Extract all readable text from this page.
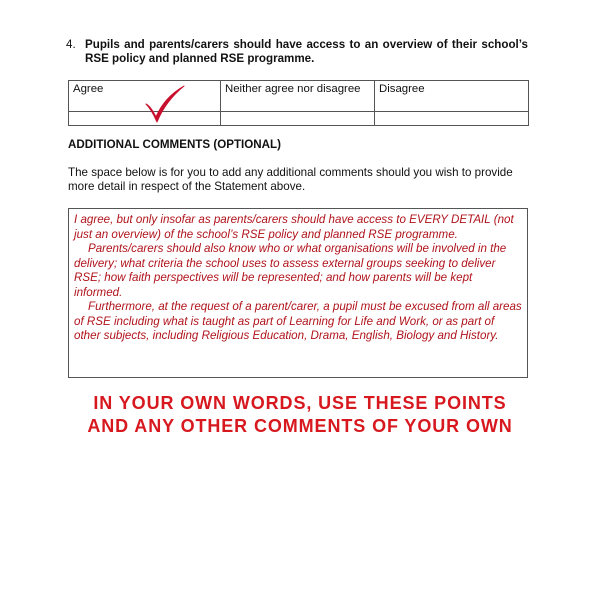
4. Pupils and parents/carers should have access to an overview of their school’s RSE policy and planned RSE programme.
Agree	Neither agree nor disagree	Disagree

ADDITIONAL COMMENTS (OPTIONAL)
The space below is for you to add any additional comments should you wish to provide more detail in respect of the Statement above.

I agree, but only insofar as parents/carers should have access to EVERY DETAIL (not just an overview) of the school’s RSE policy and planned RSE programme.

Parents/carers should also know who or what organisations will be involved in the delivery; what criteria the school uses to assess external groups seeking to deliver RSE; how faith perspectives will be represented; and how parents will be kept informed.

Furthermore, at the request of a parent/carer, a pupil must be excused from all areas of RSE including what is taught as part of Learning for Life and Work, or as part of other subjects, including Religious Education, Drama, English, Biology and History.

IN YOUR OWN WORDS, USE THESE POINTS
AND ANY OTHER COMMENTS OF YOUR OWN
